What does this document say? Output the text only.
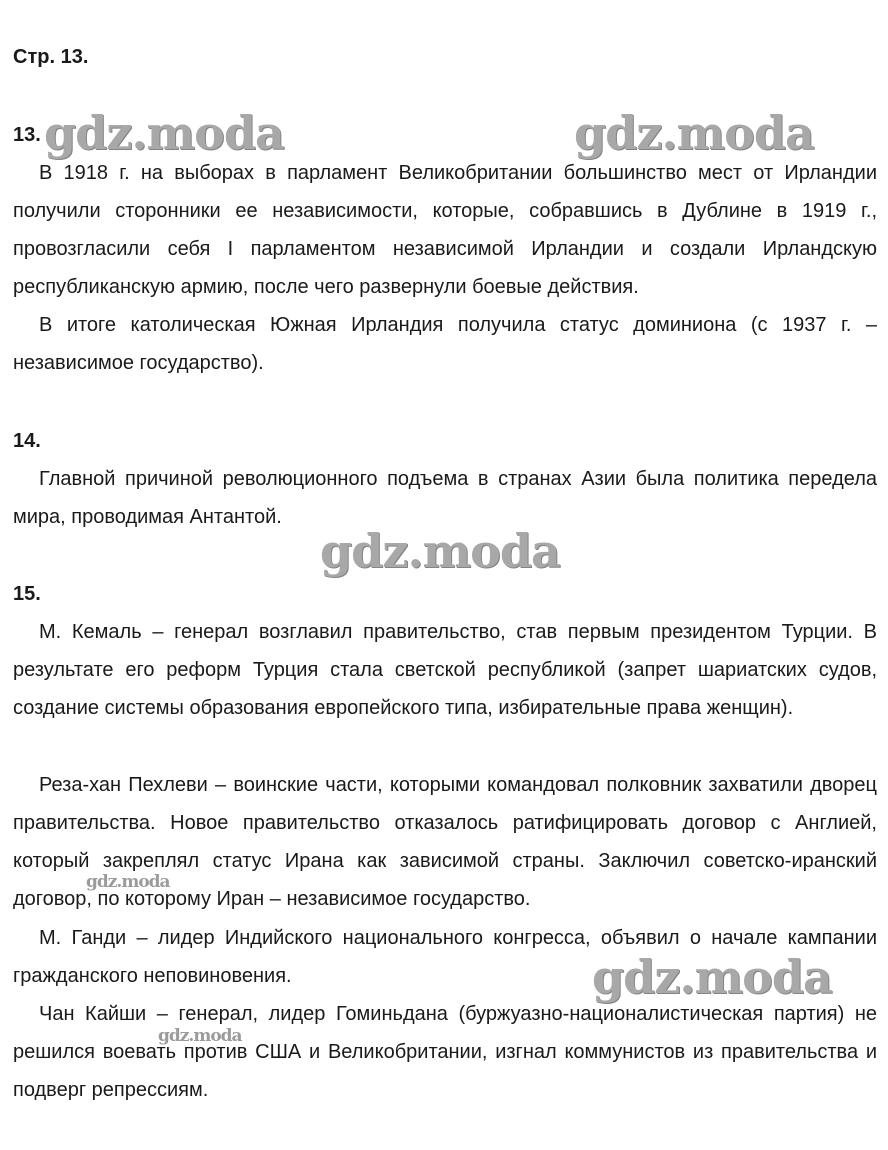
Стр. 13.
13.

В 1918 г. на выборах в парламент Великобритании большинство мест от Ирландии получили сторонники ее независимости, которые, собравшись в Дублине в 1919 г., провозгласили себя I парламентом независимой Ирландии и создали Ирландскую республиканскую армию, после чего развернули боевые действия.

В итоге католическая Южная Ирландия получила статус доминиона (с 1937 г. – независимое государство).

14.

Главной причиной революционного подъема в странах Азии была политика передела мира, проводимая Антантой.

15.

М. Кемаль – генерал возглавил правительство, став первым президентом Турции. В результате его реформ Турция стала светской республикой (запрет шариатских судов, создание системы образования европейского типа, избирательные права женщин).

Реза-хан Пехлеви – воинские части, которыми командовал полковник захватили дворец правительства. Новое правительство отказалось ратифицировать договор с Англией, который закреплял статус Ирана как зависимой страны. Заключил советско-иранский договор, по которому Иран – независимое государство.

М. Ганди – лидер Индийского национального конгресса, объявил о начале кампании гражданского неповиновения.

Чан Кайши – генерал, лидер Гоминьдана (буржуазно-националистическая партия) не решился воевать против США и Великобритании, изгнал коммунистов из правительства и подверг репрессиям.

gdz.moda	gdz.moda
gdz.moda
gdz.moda
gdz.moda
gdz.moda
